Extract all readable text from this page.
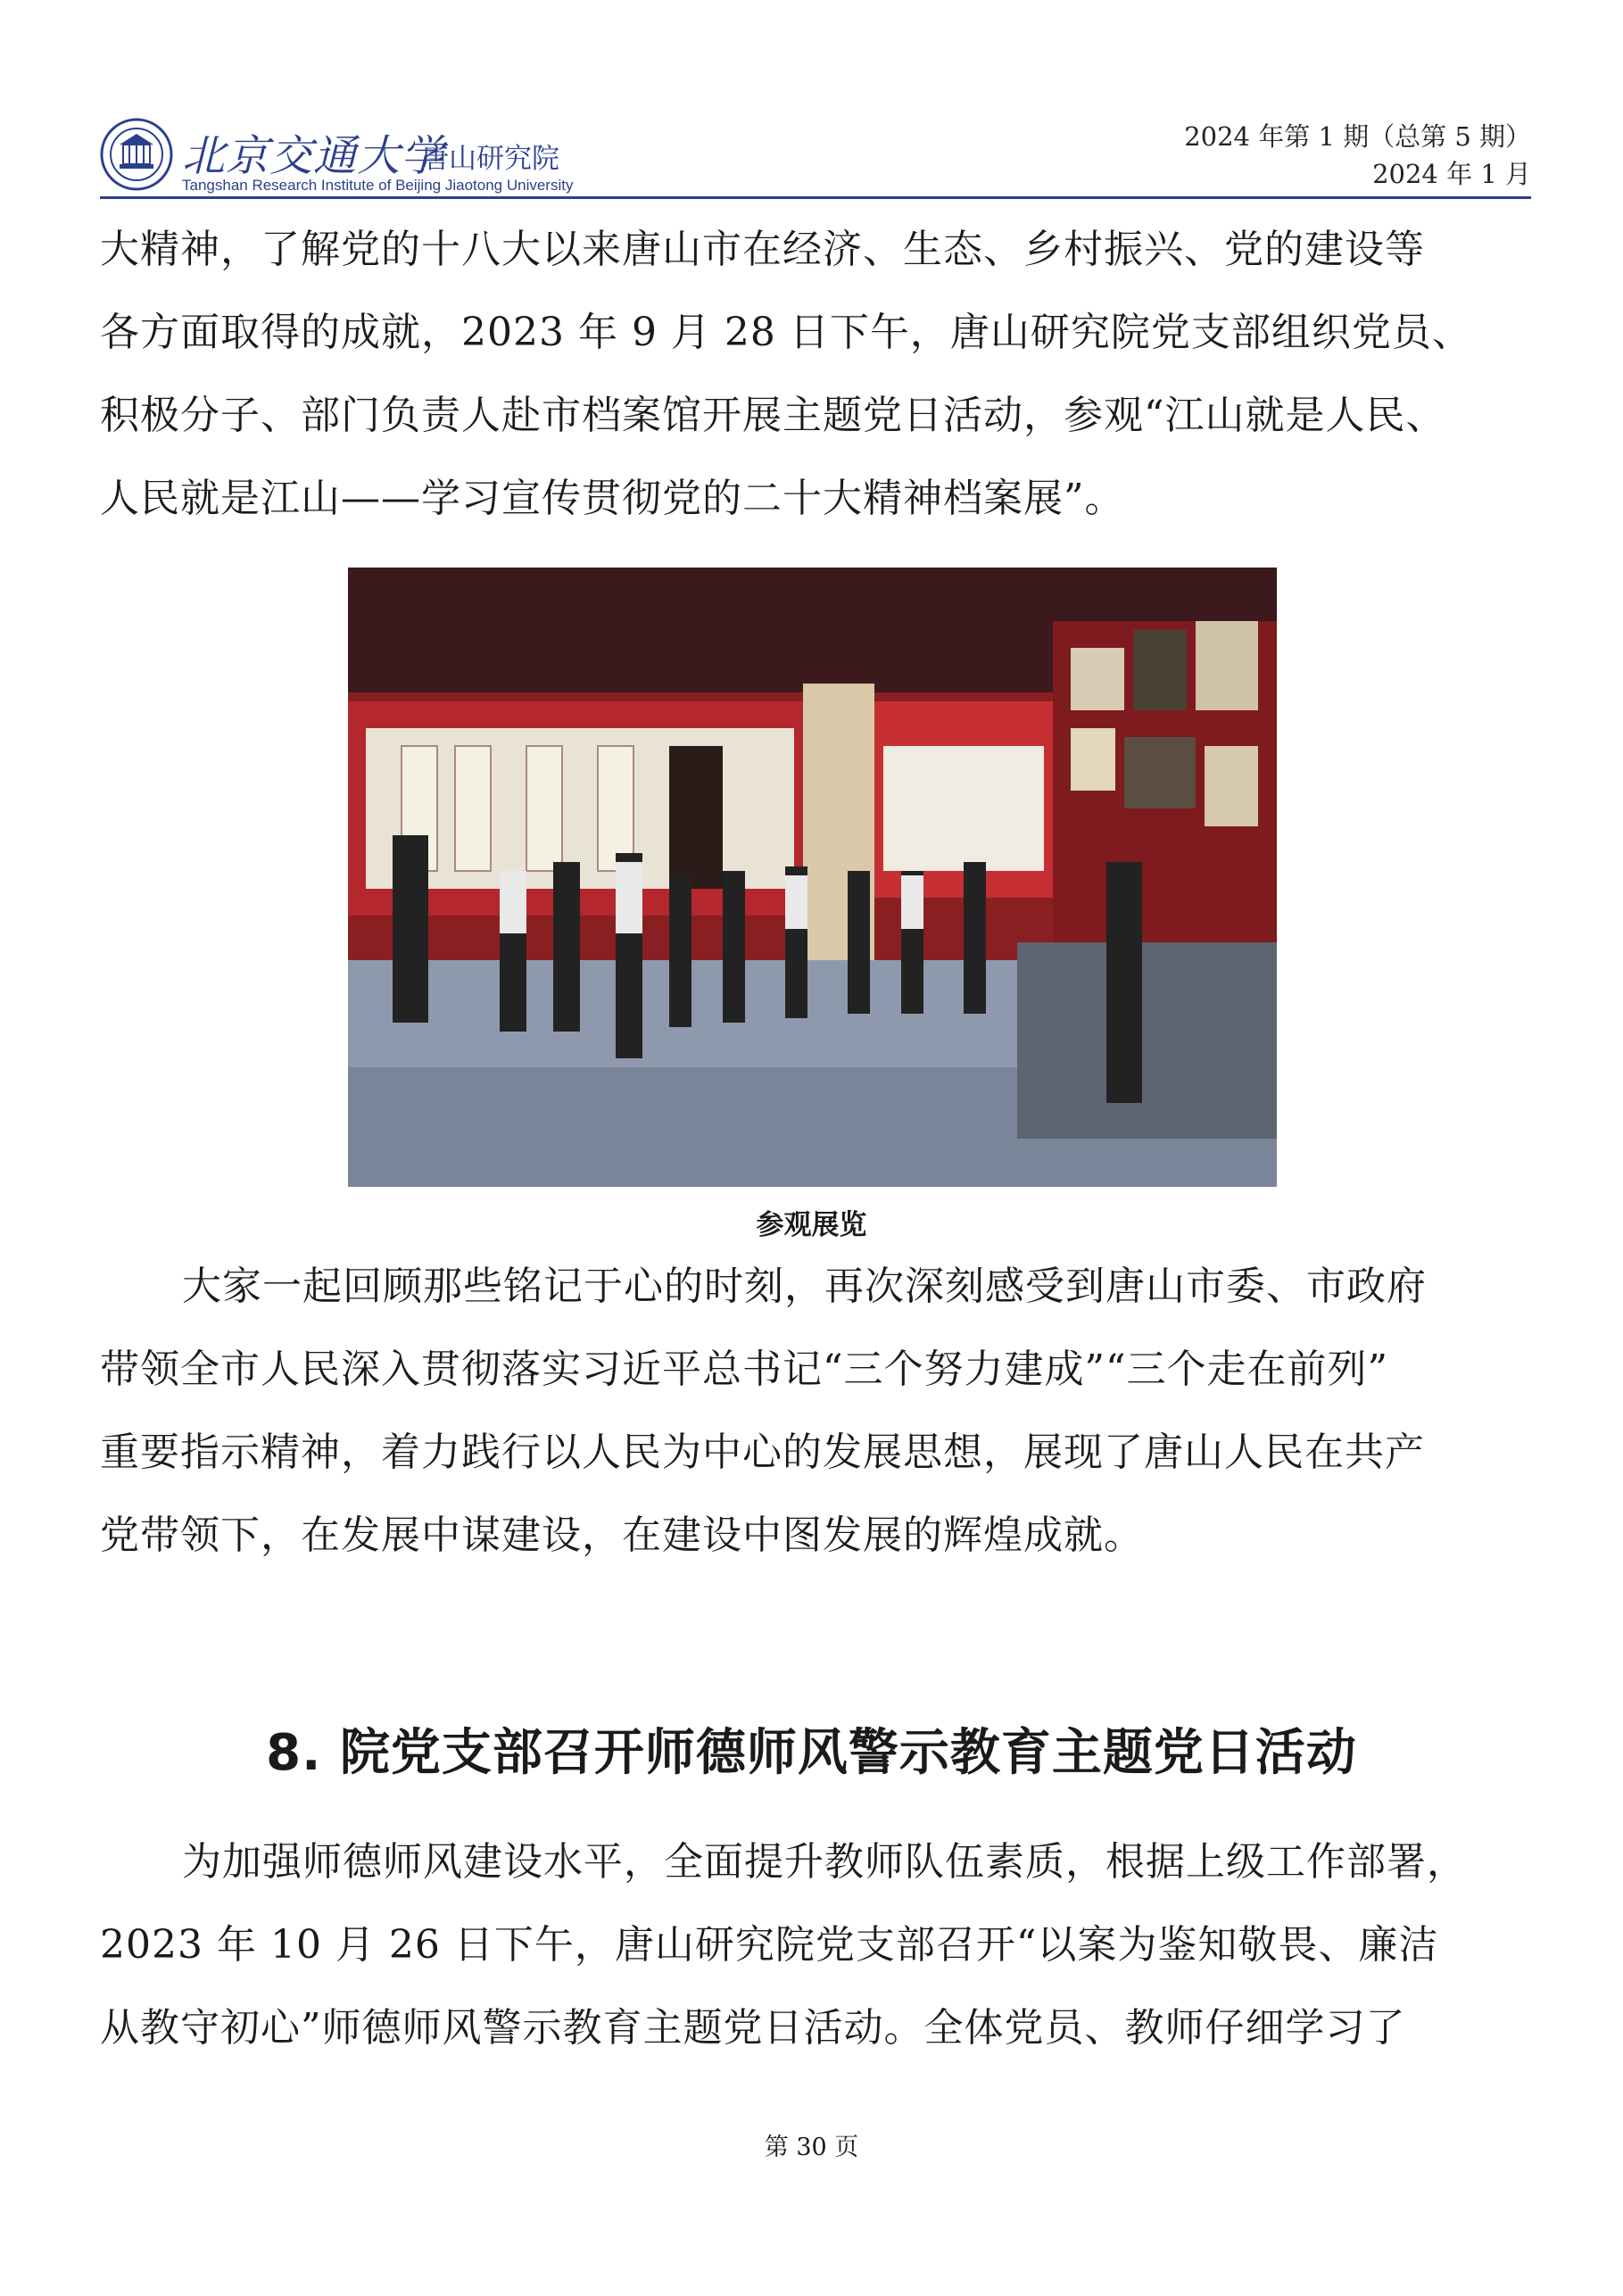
北京交通大学
唐山研究院
Tangshan Research Institute of Beijing Jiaotong University
2024 年第 1 期（总第 5 期）
2024 年 1 月
大精神，了解党的十八大以来唐山市在经济、生态、乡村振兴、党的建设等
各方面取得的成就，2023 年 9 月 28 日下午，唐山研究院党支部组织党员、
积极分子、部门负责人赴市档案馆开展主题党日活动，参观“江山就是人民、
人民就是江山——学习宣传贯彻党的二十大精神档案展”。
参观展览
大家一起回顾那些铭记于心的时刻，再次深刻感受到唐山市委、市政府
带领全市人民深入贯彻落实习近平总书记“三个努力建成”“三个走在前列”
重要指示精神，着力践行以人民为中心的发展思想，展现了唐山人民在共产
党带领下，在发展中谋建设，在建设中图发展的辉煌成就。
8. 院党支部召开师德师风警示教育主题党日活动
为加强师德师风建设水平，全面提升教师队伍素质，根据上级工作部署，
2023 年 10 月 26 日下午，唐山研究院党支部召开“以案为鉴知敬畏、廉洁
从教守初心”师德师风警示教育主题党日活动。全体党员、教师仔细学习了
第 30 页
